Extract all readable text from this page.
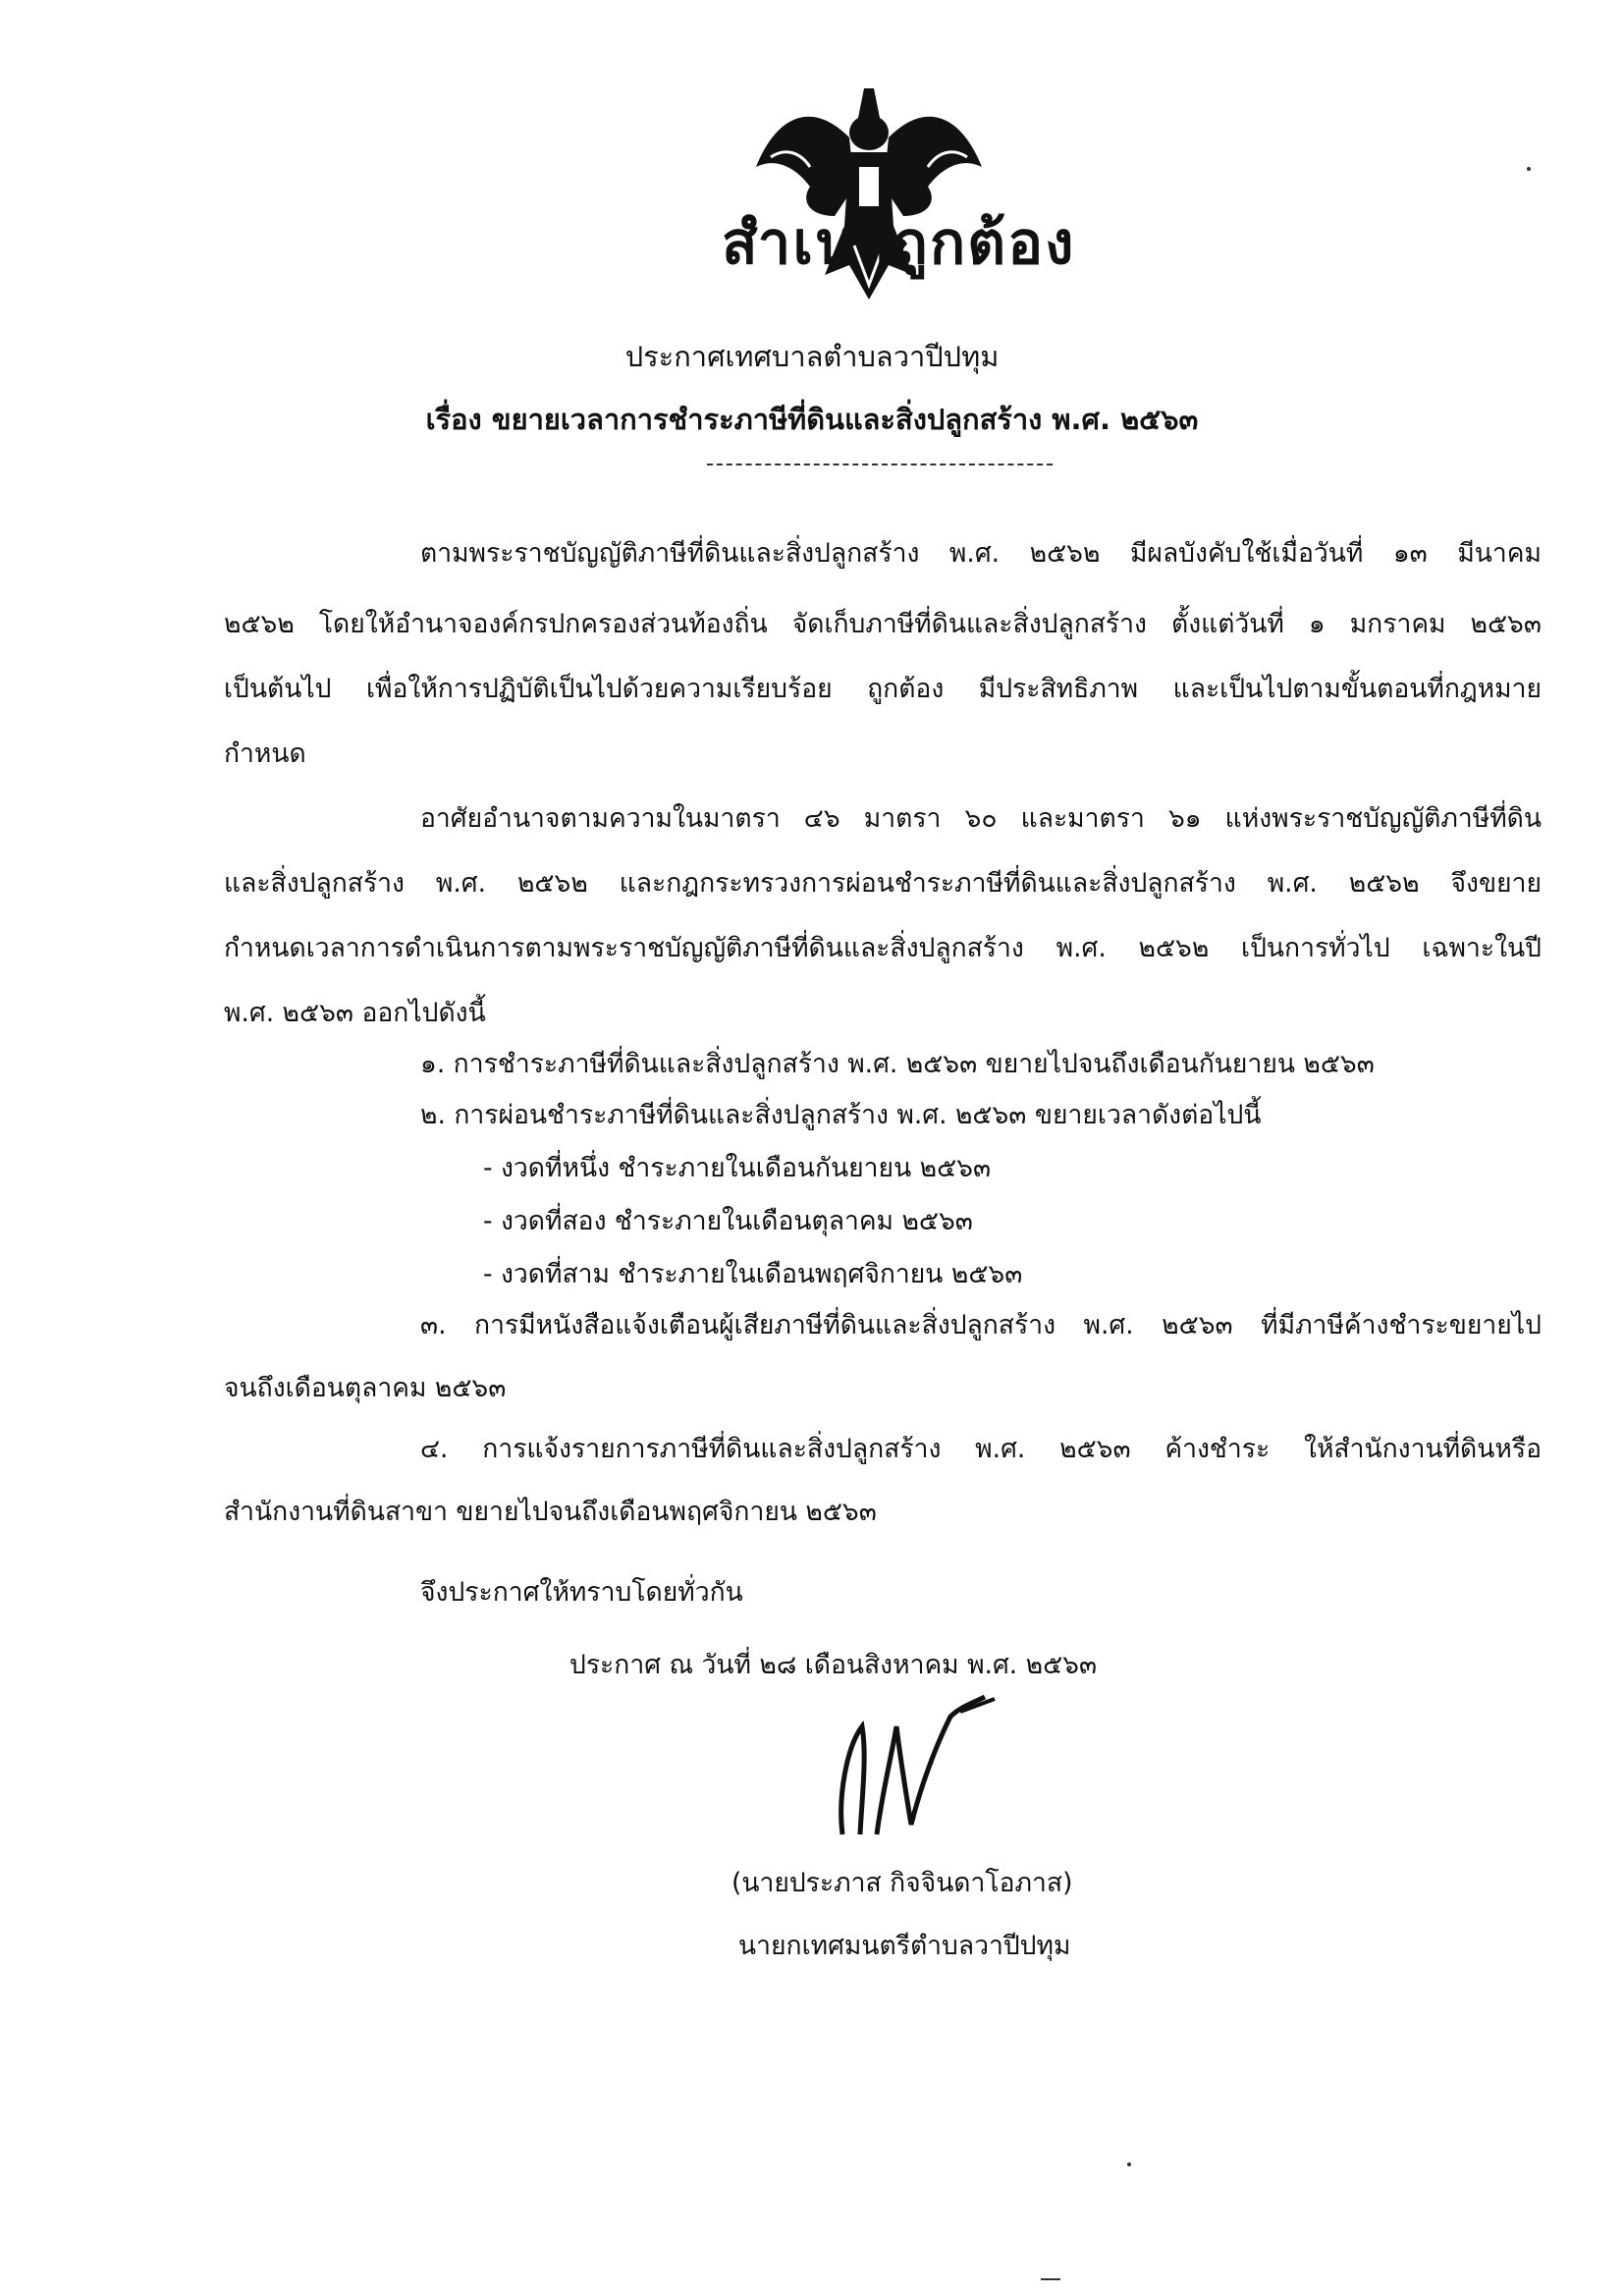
สำเนาถูกต้อง
ประกาศเทศบาลตำบลวาปีปทุม
เรื่อง ขยายเวลาการชำระภาษีที่ดินและสิ่งปลูกสร้าง พ.ศ. ๒๕๖๓
ตามพระราชบัญญัติภาษีที่ดินและสิ่งปลูกสร้าง พ.ศ. ๒๕๖๒ มีผลบังคับใช้เมื่อวันที่ ๑๓ มีนาคม
๒๕๖๒ โดยให้อำนาจองค์กรปกครองส่วนท้องถิ่น จัดเก็บภาษีที่ดินและสิ่งปลูกสร้าง ตั้งแต่วันที่ ๑ มกราคม ๒๕๖๓
เป็นต้นไป เพื่อให้การปฏิบัติเป็นไปด้วยความเรียบร้อย ถูกต้อง มีประสิทธิภาพ และเป็นไปตามขั้นตอนที่กฎหมาย
กำหนด
อาศัยอำนาจตามความในมาตรา ๔๖ มาตรา ๖๐ และมาตรา ๖๑ แห่งพระราชบัญญัติภาษีที่ดิน
และสิ่งปลูกสร้าง พ.ศ. ๒๕๖๒ และกฎกระทรวงการผ่อนชำระภาษีที่ดินและสิ่งปลูกสร้าง พ.ศ. ๒๕๖๒ จึงขยาย
กำหนดเวลาการดำเนินการตามพระราชบัญญัติภาษีที่ดินและสิ่งปลูกสร้าง พ.ศ. ๒๕๖๒ เป็นการทั่วไป เฉพาะในปี
พ.ศ. ๒๕๖๓ ออกไปดังนี้
๑. การชำระภาษีที่ดินและสิ่งปลูกสร้าง พ.ศ. ๒๕๖๓ ขยายไปจนถึงเดือนกันยายน ๒๕๖๓
๒. การผ่อนชำระภาษีที่ดินและสิ่งปลูกสร้าง พ.ศ. ๒๕๖๓ ขยายเวลาดังต่อไปนี้
- งวดที่หนึ่ง ชำระภายในเดือนกันยายน ๒๕๖๓
- งวดที่สอง ชำระภายในเดือนตุลาคม ๒๕๖๓
- งวดที่สาม ชำระภายในเดือนพฤศจิกายน ๒๕๖๓
๓. การมีหนังสือแจ้งเตือนผู้เสียภาษีที่ดินและสิ่งปลูกสร้าง พ.ศ. ๒๕๖๓ ที่มีภาษีค้างชำระขยายไป
จนถึงเดือนตุลาคม ๒๕๖๓
๔. การแจ้งรายการภาษีที่ดินและสิ่งปลูกสร้าง พ.ศ. ๒๕๖๓ ค้างชำระ ให้สำนักงานที่ดินหรือ
สำนักงานที่ดินสาขา ขยายไปจนถึงเดือนพฤศจิกายน ๒๕๖๓
จึงประกาศให้ทราบโดยทั่วกัน
ประกาศ ณ วันที่ ๒๘ เดือนสิงหาคม พ.ศ. ๒๕๖๓
(นายประภาส กิจจินดาโอภาส)
นายกเทศมนตรีตำบลวาปีปทุม
